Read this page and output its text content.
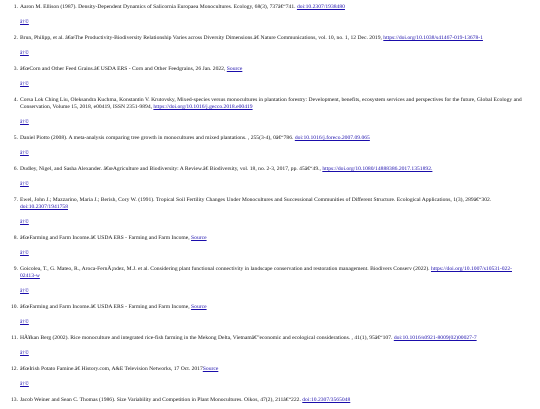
1. Aaron M. Ellison (1987). Density-Dependent Dynamics of Salicornia Europaea Monocultures. Ecology, 68(3), 737â€“741. doi:10.2307/1938480
â†©
2. Brun, Philipp, et al. â€œThe Productivity-Biodiversity Relationship Varies across Diversity Dimensions.â€ Nature Communications, vol. 10, no. 1, 12 Dec. 2019, https://doi.org/10.1038/s41467-019-13678-1
â†©
3. â€œCorn and Other Feed Grains.â€ USDA ERS - Corn and Other Feedgrains, 26 Jan. 2022, Source
â†©
4. Corsa Lok Ching Liu, Oleksandra Kuchma, Konstantin V. Krutovsky, Mixed-species versus monocultures in plantation forestry: Development, benefits, ecosystem services and perspectives for the future, Global Ecology and Conservation, Volume 15, 2018, e00419, ISSN 2351-9894, https://doi.org/10.1016/j.gecco.2018.e00419
â†©
5. Daniel Piotto (2008). A meta-analysis comparing tree growth in monocultures and mixed plantations. , 255(3-4), 0â€“786. doi:10.1016/j.foreco.2007.09.065
â†©
6. Dudley, Nigel, and Sasha Alexander. â€œAgriculture and Biodiversity: A Review.â€ Biodiversity, vol. 18, no. 2-3, 2017, pp. 45â€“49., https://doi.org/10.1080/14888386.2017.1351892.
â†©
7. Ewel, John J.; Mazzarino, Maria J.; Berish, Cory W. (1991). Tropical Soil Fertility Changes Under Monocultures and Successional Communities of Different Structure. Ecological Applications, 1(3), 289â€“302. doi:10.2307/1941758
â†©
8. â€œFarming and Farm Income.â€ USDA ERS - Farming and Farm Income, Source
â†©
9. Goicolea, T., G. Mateo, R., Aroca-FernÃ¡ndez, M.J. et al. Considering plant functional connectivity in landscape conservation and restoration management. Biodivers Conserv (2022). https://doi.org/10.1007/s10531-022-02413-w
â†©
10. â€œFarming and Farm Income.â€ USDA ERS - Farming and Farm Income, Source
â†©
11. HÃ¥kan Berg (2002). Rice monoculture and integrated rice-fish farming in the Mekong Delta, Vietnamâ€”economic and ecological considerations. , 41(1), 95â€“107. doi:10.1016/s0921-8009(02)00027-7
â†©
12. â€œIrish Potato Famine.â€ History.com, A&E Television Networks, 17 Oct. 2017Source
â†©
13. Jacob Weiner and Sean C. Thomas (1986). Size Variability and Competition in Plant Monocultures. Oikos, 47(2), 211â€“222. doi:10.2307/3565048
